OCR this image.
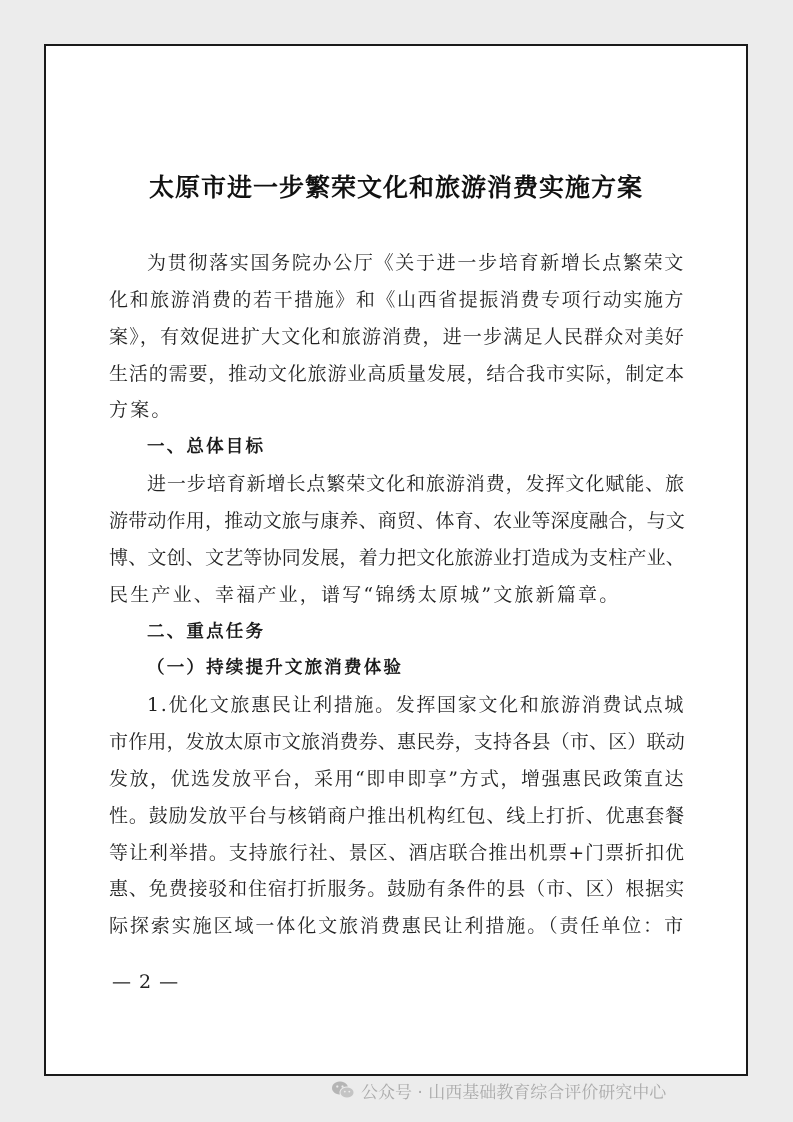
太原市进一步繁荣文化和旅游消费实施方案
为贯彻落实国务院办公厅《关于进一步培育新增长点繁荣文
化和旅游消费的若干措施》和《山西省提振消费专项行动实施方
案》，有效促进扩大文化和旅游消费，进一步满足人民群众对美好
生活的需要，推动文化旅游业高质量发展，结合我市实际，制定本
方案。
一、总体目标
进一步培育新增长点繁荣文化和旅游消费，发挥文化赋能、旅
游带动作用，推动文旅与康养、商贸、体育、农业等深度融合，与文
博、文创、文艺等协同发展，着力把文化旅游业打造成为支柱产业、
民生产业、幸福产业，谱写“锦绣太原城”文旅新篇章。
二、重点任务
（一）持续提升文旅消费体验
1.优化文旅惠民让利措施。发挥国家文化和旅游消费试点城
市作用，发放太原市文旅消费券、惠民券，支持各县（市、区）联动
发放，优选发放平台，采用“即申即享”方式，增强惠民政策直达
性。鼓励发放平台与核销商户推出机构红包、线上打折、优惠套餐
等让利举措。支持旅行社、景区、酒店联合推出机票+门票折扣优
惠、免费接驳和住宿打折服务。鼓励有条件的县（市、区）根据实
际探索实施区域一体化文旅消费惠民让利措施。（责任单位：市
— 2 —
公众号 · 山西基础教育综合评价研究中心
